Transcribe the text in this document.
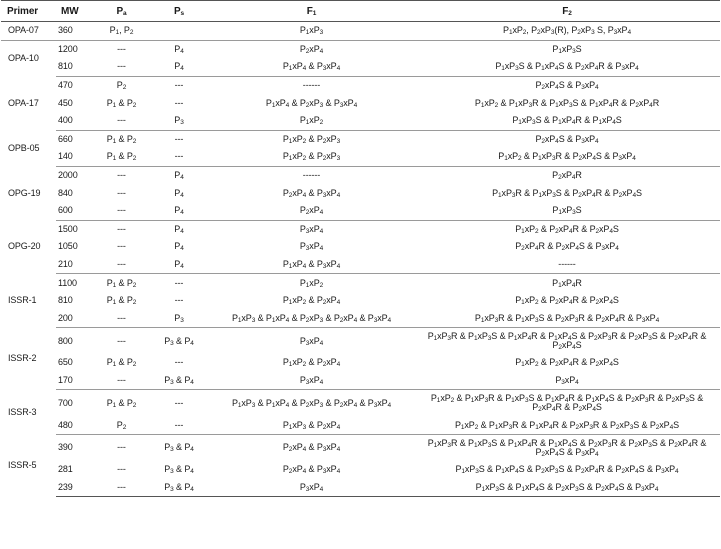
Primer	MW	$P_a$	$P_s$	$F_1$	$F_2$
OPA-07	360	$P_1$, $P_2$		$P_1xP_3$	$P_1xP_2$, $P_2xP_3(R)$, $P_2xP_3$ S, $P_3xP_4$
OPA-10	1200	---	$P_4$	$P_2xP_4$	$P_1xP_3S$
	810	---	$P_4$	$P_1xP_4$ & $P_3xP_4$	$P_1xP_3S$ & $P_1xP_4S$ & $P_2xP_4R$ & $P_3xP_4$
OPA-17	470	$P_2$	---	------	$P_2xP_4S$ & $P_3xP_4$
	450	$P_1$ & $P_2$	---	$P_1xP_4$ & $P_2xP_3$ & $P_3xP_4$	$P_1xP_2$ & $P_1xP_3R$ & $P_1xP_3S$ & $P_1xP_4R$ & $P_2xP_4R$
	400	---	$P_3$	$P_1xP_2$	$P_1xP_3S$ & $P_1xP_4R$ & $P_1xP_4S$
OPB-05	660	$P_1$ & $P_2$	---	$P_1xP_2$ & $P_2xP_3$	$P_2xP_4S$ & $P_3xP_4$
	140	$P_1$ & $P_2$	---	$P_1xP_2$ & $P_2xP_3$	$P_1xP_2$ & $P_1xP_3R$ & $P_2xP_4S$ & $P_3xP_4$
OPG-19	2000	---	$P_4$	------	$P_2xP_4R$
	840	---	$P_4$	$P_2xP_4$ & $P_3xP_4$	$P_1xP_3R$ & $P_1xP_3S$ & $P_2xP_4R$ & $P_2xP_4S$
	600	---	$P_4$	$P_2xP_4$	$P_1xP_3S$
OPG-20	1500	---	$P_4$	$P_3xP_4$	$P_1xP_2$ & $P_2xP_4R$ & $P_2xP_4S$
	1050	---	$P_4$	$P_3xP_4$	$P_2xP_4R$ & $P_2xP_4S$ & $P_3xP_4$
	210	---	$P_4$	$P_1xP_4$ & $P_3xP_4$	------
ISSR-1	1100	$P_1$ & $P_2$	---	$P_1xP_2$	$P_1xP_4R$
	810	$P_1$ & $P_2$	---	$P_1xP_2$ & $P_2xP_4$	$P_1xP_2$ & $P_2xP_4R$ & $P_2xP_4S$
	200	---	$P_3$	$P_1xP_3$ & $P_1xP_4$ & $P_2xP_3$ & $P_2xP_4$ & $P_3xP_4$	$P_1xP_3R$ & $P_1xP_3S$ & $P_2xP_3R$ & $P_2xP_4R$ & $P_3xP_4$
ISSR-2	800	---	$P_3$ & $P_4$	$P_3xP_4$	$P_1xP_3R$ & $P_1xP_3S$ & $P_1xP_4R$ & $P_1xP_4S$ & $P_2xP_3R$ & $P_2xP_3S$ & $P_2xP_4R$ & $P_2xP_4S$
	650	$P_1$ & $P_2$	---	$P_1xP_2$ & $P_2xP_4$	$P_1xP_2$ & $P_2xP_4R$ & $P_2xP_4S$
	170	---	$P_3$ & $P_4$	$P_3xP_4$	$P_3xP_4$
ISSR-3	700	$P_1$ & $P_2$	---	$P_1xP_3$ & $P_1xP_4$ & $P_2xP_3$ & $P_2xP_4$ & $P_3xP_4$	$P_1xP_2$ & $P_1xP_3R$ & $P_1xP_3S$ & $P_1xP_4R$ & $P_1xP_4S$ & $P_2xP_3R$ & $P_2xP_3S$ & $P_2xP_4R$ & $P_2xP_4S$
	480	$P_2$	---	$P_1xP_3$ & $P_2xP_4$	$P_1xP_2$ & $P_1xP_3R$ & $P_1xP_4R$ & $P_2xP_3R$ & $P_2xP_3S$ & $P_2xP_4S$
ISSR-5	390	---	$P_3$ & $P_4$	$P_2xP_4$ & $P_3xP_4$	$P_1xP_3R$ & $P_1xP_3S$ & $P_1xP_4R$ & $P_1xP_4S$ & $P_2xP_3R$ & $P_2xP_3S$ & $P_2xP_4R$ & $P_2xP_4S$ & $P_3xP_4$
	281	---	$P_3$ & $P_4$	$P_2xP_4$ & $P_3xP_4$	$P_1xP_3S$ & $P_1xP_4S$ & $P_2xP_3S$ & $P_2xP_4R$ & $P_2xP_4S$ & $P_3xP_4$
	239	---	$P_3$ & $P_4$	$P_3xP_4$	$P_1xP_3S$ & $P_1xP_4S$ & $P_2xP_3S$ & $P_2xP_4S$ & $P_3xP_4$
